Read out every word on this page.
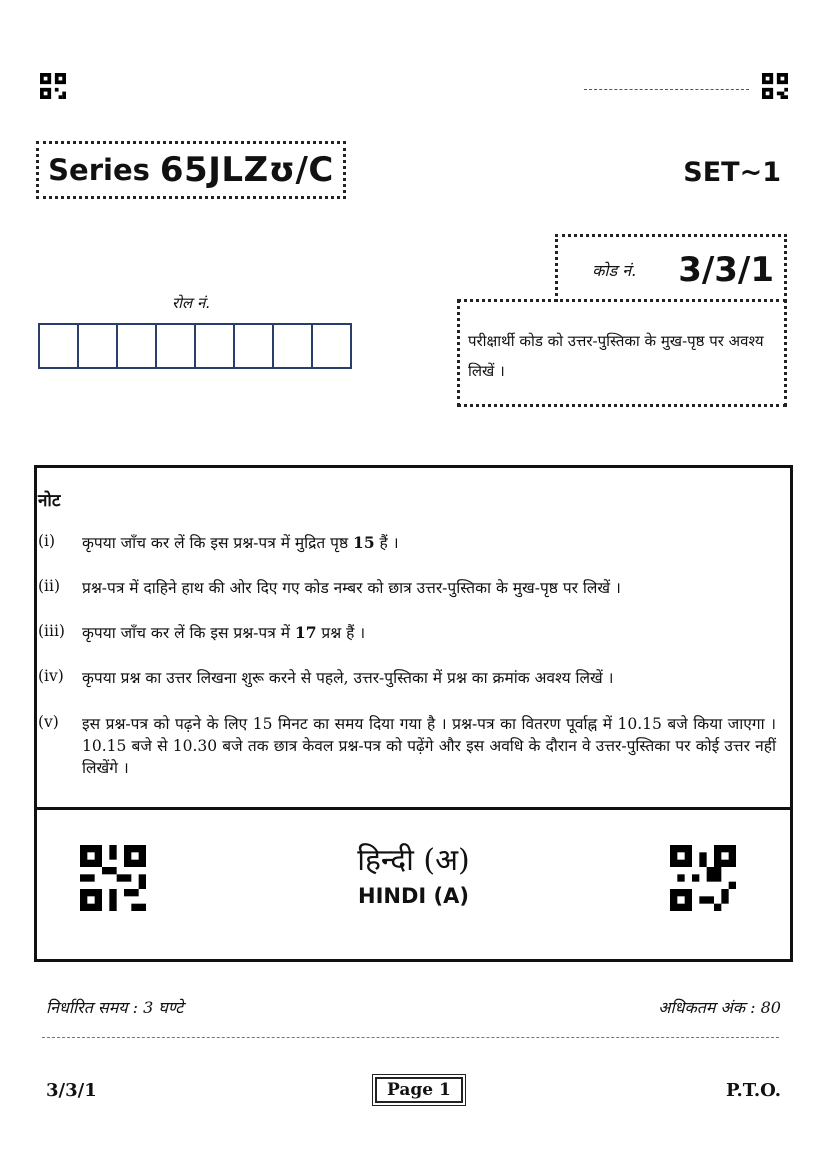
Series 65JLZʊ/C	SET~1
कोड नं. 3/3/1
परीक्षार्थी कोड को उत्तर-पुस्तिका के मुख-पृष्ठ पर अवश्य लिखें ।
रोल नं.
नोट
(i)	कृपया जाँच कर लें कि इस प्रश्न-पत्र में मुद्रित पृष्ठ 15 हैं ।
(ii)	प्रश्न-पत्र में दाहिने हाथ की ओर दिए गए कोड नम्बर को छात्र उत्तर-पुस्तिका के मुख-पृष्ठ पर लिखें ।
(iii)	कृपया जाँच कर लें कि इस प्रश्न-पत्र में 17 प्रश्न हैं ।
(iv)	कृपया प्रश्न का उत्तर लिखना शुरू करने से पहले, उत्तर-पुस्तिका में प्रश्न का क्रमांक अवश्य लिखें ।
(v)	इस प्रश्न-पत्र को पढ़ने के लिए 15 मिनट का समय दिया गया है । प्रश्न-पत्र का वितरण पूर्वाह्न में 10.15 बजे किया जाएगा । 10.15 बजे से 10.30 बजे तक छात्र केवल प्रश्न-पत्र को पढ़ेंगे और इस अवधि के दौरान वे उत्तर-पुस्तिका पर कोई उत्तर नहीं लिखेंगे ।
हिन्दी (अ)
HINDI (A)
निर्धारित समय : 3 घण्टे	अधिकतम अंक : 80
3/3/1	Page 1	P.T.O.
